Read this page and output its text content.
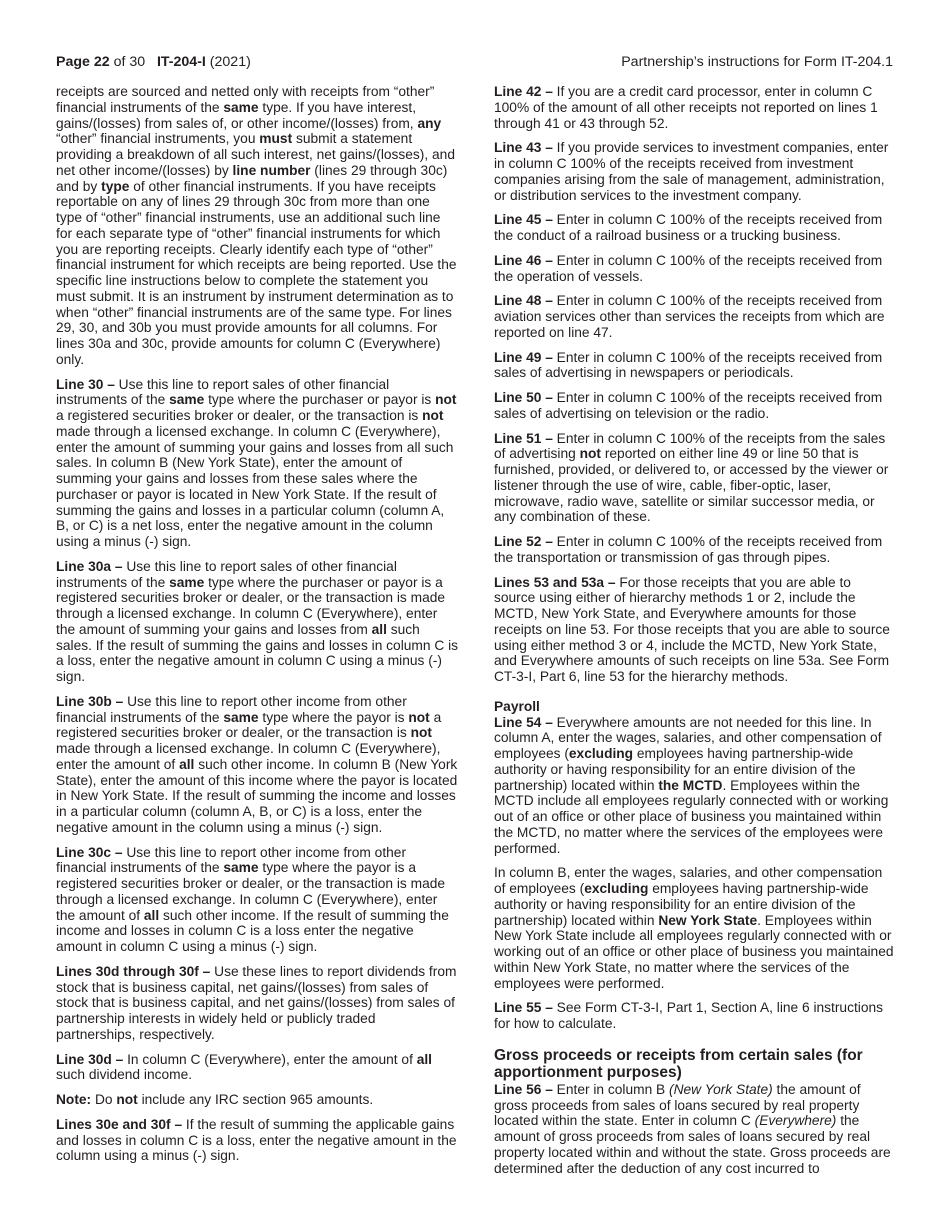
Page 22 of 30 IT-204-I (2021)	Partnership’s instructions for Form IT-204.1

receipts are sourced and netted only with receipts from “other” financial instruments of the same type. If you have interest, gains/(losses) from sales of, or other income/(losses) from, any “other” financial instruments, you must submit a statement providing a breakdown of all such interest, net gains/(losses), and net other income/(losses) by line number (lines 29 through 30c) and by type of other financial instruments. If you have receipts reportable on any of lines 29 through 30c from more than one type of “other” financial instruments, use an additional such line for each separate type of “other” financial instruments for which you are reporting receipts. Clearly identify each type of “other” financial instrument for which receipts are being reported. Use the specific line instructions below to complete the statement you must submit. It is an instrument by instrument determination as to when “other” financial instruments are of the same type. For lines 29, 30, and 30b you must provide amounts for all columns. For lines 30a and 30c, provide amounts for column C (Everywhere) only.

Line 30 – Use this line to report sales of other financial instruments of the same type where the purchaser or payor is not a registered securities broker or dealer, or the transaction is not made through a licensed exchange. In column C (Everywhere), enter the amount of summing your gains and losses from all such sales. In column B (New York State), enter the amount of summing your gains and losses from these sales where the purchaser or payor is located in New York State. If the result of summing the gains and losses in a particular column (column A, B, or C) is a net loss, enter the negative amount in the column using a minus (-) sign.

Line 30a – Use this line to report sales of other financial instruments of the same type where the purchaser or payor is a registered securities broker or dealer, or the transaction is made through a licensed exchange. In column C (Everywhere), enter the amount of summing your gains and losses from all such sales. If the result of summing the gains and losses in column C is a loss, enter the negative amount in column C using a minus (-) sign.

Line 30b – Use this line to report other income from other financial instruments of the same type where the payor is not a registered securities broker or dealer, or the transaction is not made through a licensed exchange. In column C (Everywhere), enter the amount of all such other income. In column B (New York State), enter the amount of this income where the payor is located in New York State. If the result of summing the income and losses in a particular column (column A, B, or C) is a loss, enter the negative amount in the column using a minus (-) sign.

Line 30c – Use this line to report other income from other financial instruments of the same type where the payor is a registered securities broker or dealer, or the transaction is made through a licensed exchange. In column C (Everywhere), enter the amount of all such other income. If the result of summing the income and losses in column C is a loss enter the negative amount in column C using a minus (-) sign.

Lines 30d through 30f – Use these lines to report dividends from stock that is business capital, net gains/(losses) from sales of stock that is business capital, and net gains/(losses) from sales of partnership interests in widely held or publicly traded partnerships, respectively.

Line 30d – In column C (Everywhere), enter the amount of all such dividend income.

Note: Do not include any IRC section 965 amounts.

Lines 30e and 30f – If the result of summing the applicable gains and losses in column C is a loss, enter the negative amount in the column using a minus (-) sign.

Line 42 – If you are a credit card processor, enter in column C 100% of the amount of all other receipts not reported on lines 1 through 41 or 43 through 52.

Line 43 – If you provide services to investment companies, enter in column C 100% of the receipts received from investment companies arising from the sale of management, administration, or distribution services to the investment company.

Line 45 – Enter in column C 100% of the receipts received from the conduct of a railroad business or a trucking business.

Line 46 – Enter in column C 100% of the receipts received from the operation of vessels.

Line 48 – Enter in column C 100% of the receipts received from aviation services other than services the receipts from which are reported on line 47.

Line 49 – Enter in column C 100% of the receipts received from sales of advertising in newspapers or periodicals.

Line 50 – Enter in column C 100% of the receipts received from sales of advertising on television or the radio.

Line 51 – Enter in column C 100% of the receipts from the sales of advertising not reported on either line 49 or line 50 that is furnished, provided, or delivered to, or accessed by the viewer or listener through the use of wire, cable, fiber-optic, laser, microwave, radio wave, satellite or similar successor media, or any combination of these.

Line 52 – Enter in column C 100% of the receipts received from the transportation or transmission of gas through pipes.

Lines 53 and 53a – For those receipts that you are able to source using either of hierarchy methods 1 or 2, include the MCTD, New York State, and Everywhere amounts for those receipts on line 53. For those receipts that you are able to source using either method 3 or 4, include the MCTD, New York State, and Everywhere amounts of such receipts on line 53a. See Form CT-3-I, Part 6, line 53 for the hierarchy methods.

Payroll

Line 54 – Everywhere amounts are not needed for this line. In column A, enter the wages, salaries, and other compensation of employees (excluding employees having partnership-wide authority or having responsibility for an entire division of the partnership) located within the MCTD. Employees within the MCTD include all employees regularly connected with or working out of an office or other place of business you maintained within the MCTD, no matter where the services of the employees were performed.

In column B, enter the wages, salaries, and other compensation of employees (excluding employees having partnership-wide authority or having responsibility for an entire division of the partnership) located within New York State. Employees within New York State include all employees regularly connected with or working out of an office or other place of business you maintained within New York State, no matter where the services of the employees were performed.

Line 55 – See Form CT-3-I, Part 1, Section A, line 6 instructions for how to calculate.

Gross proceeds or receipts from certain sales (for apportionment purposes)

Line 56 – Enter in column B (New York State) the amount of gross proceeds from sales of loans secured by real property located within the state. Enter in column C (Everywhere) the amount of gross proceeds from sales of loans secured by real property located within and without the state. Gross proceeds are determined after the deduction of any cost incurred to
